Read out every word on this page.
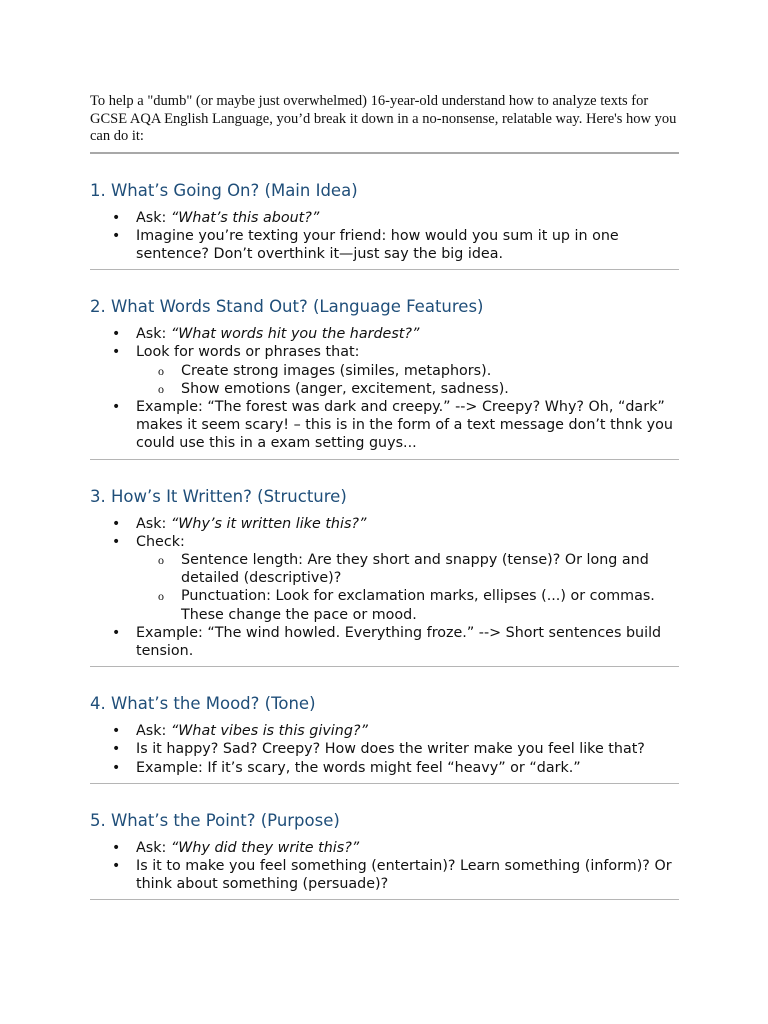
To help a "dumb" (or maybe just overwhelmed) 16-year-old understand how to analyze texts for GCSE AQA English Language, you’d break it down in a no-nonsense, relatable way. Here's how you can do it:

1. What’s Going On? (Main Idea)
• Ask: “What’s this about?”
• Imagine you’re texting your friend: how would you sum it up in one sentence? Don’t overthink it—just say the big idea.
2. What Words Stand Out? (Language Features)
• Ask: “What words hit you the hardest?”
• Look for words or phrases that:
o Create strong images (similes, metaphors).
o Show emotions (anger, excitement, sadness).
• Example: “The forest was dark and creepy.” --> Creepy? Why? Oh, “dark” makes it seem scary! – this is in the form of a text message don’t thnk you could use this in a exam setting guys...
3. How’s It Written? (Structure)
• Ask: “Why’s it written like this?”
• Check:
o Sentence length: Are they short and snappy (tense)? Or long and detailed (descriptive)?
o Punctuation: Look for exclamation marks, ellipses (...) or commas. These change the pace or mood.
• Example: “The wind howled. Everything froze.” --> Short sentences build tension.
4. What’s the Mood? (Tone)
• Ask: “What vibes is this giving?”
• Is it happy? Sad? Creepy? How does the writer make you feel like that?
• Example: If it’s scary, the words might feel “heavy” or “dark.”
5. What’s the Point? (Purpose)
• Ask: “Why did they write this?”
• Is it to make you feel something (entertain)? Learn something (inform)? Or think about something (persuade)?
